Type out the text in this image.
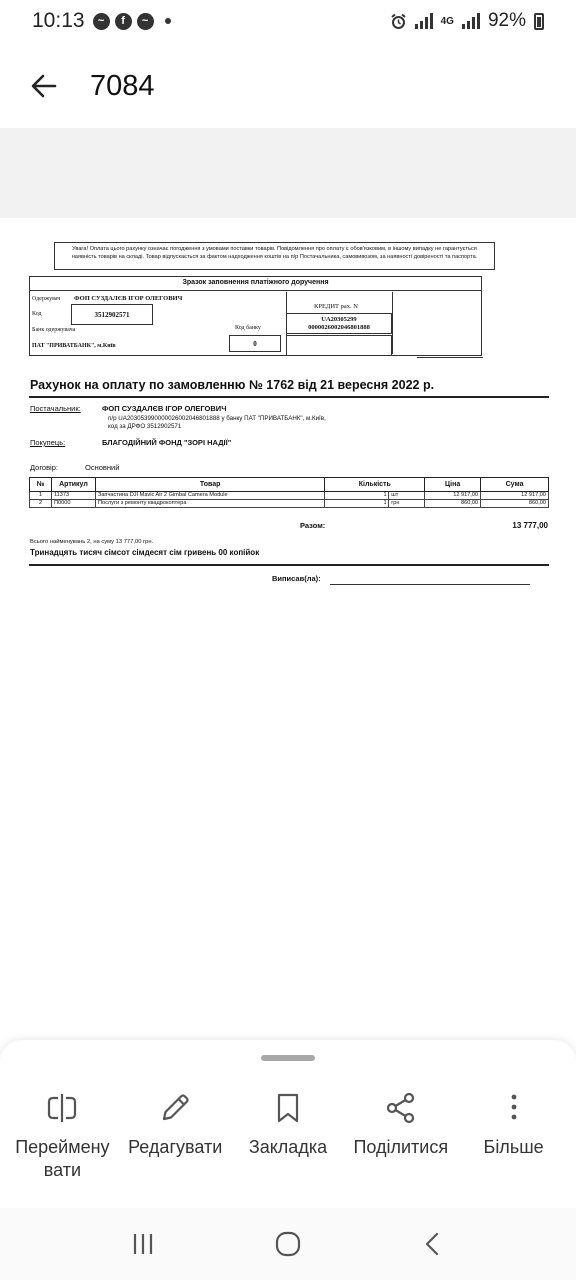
10:13	~	f	~	4G 92%
7084
Увага! Оплата цього рахунку означає погодження з умовами поставки товарів. Повідомлення про оплату є обов'язковим, в іншому випадку не гарантується наявність товарів на складі. Товар відпускається за фактом надходження коштів на п/р Постачальника, самовивозом, за наявності довіреності та паспорта.
Зразок заповнення платіжного доручення
Одержувач ФОП СУЗДАЛЄВ ІГОР ОЛЕГОВИЧ
Код	3512902571
КРЕДИТ рах. N
UA20305299
0000026002046801888
Банк одержувача	Код банку
ПАТ "ПРИВАТБАНК", м.Київ	0
Рахунок на оплату по замовленню № 1762 від 21 вересня 2022 р.
Постачальник:	ФОП СУЗДАЛЄВ ІГОР ОЛЕГОВИЧ
п/р UA203053990000026002046801888 у банку ПАТ "ПРИВАТБАНК", м.Київ,
код за ДРФО 3512902571
Покупець:	БЛАГОДІЙНИЙ ФОНД "ЗОРІ НАДІЇ"
Договір:	Основний
№	Артикул	Товар	Кількість	Ціна	Сума
1	11373	Запчастина DJI Mavic Air 2 Gimbal Camera Module	1 шт	12 917,00	12 917,00
2	П0000	Послуги з ремонту квадрокоптера	1 грн	860,00	860,00
Разом:	13 777,00
Всього найменувань 2, на суму 13 777,00 грн.
Тринадцять тисяч сімсот сімдесят сім гривень 00 копійок
Виписав(ла):
Переймену
вати
Редагувати Закладка Поділитися Більше
